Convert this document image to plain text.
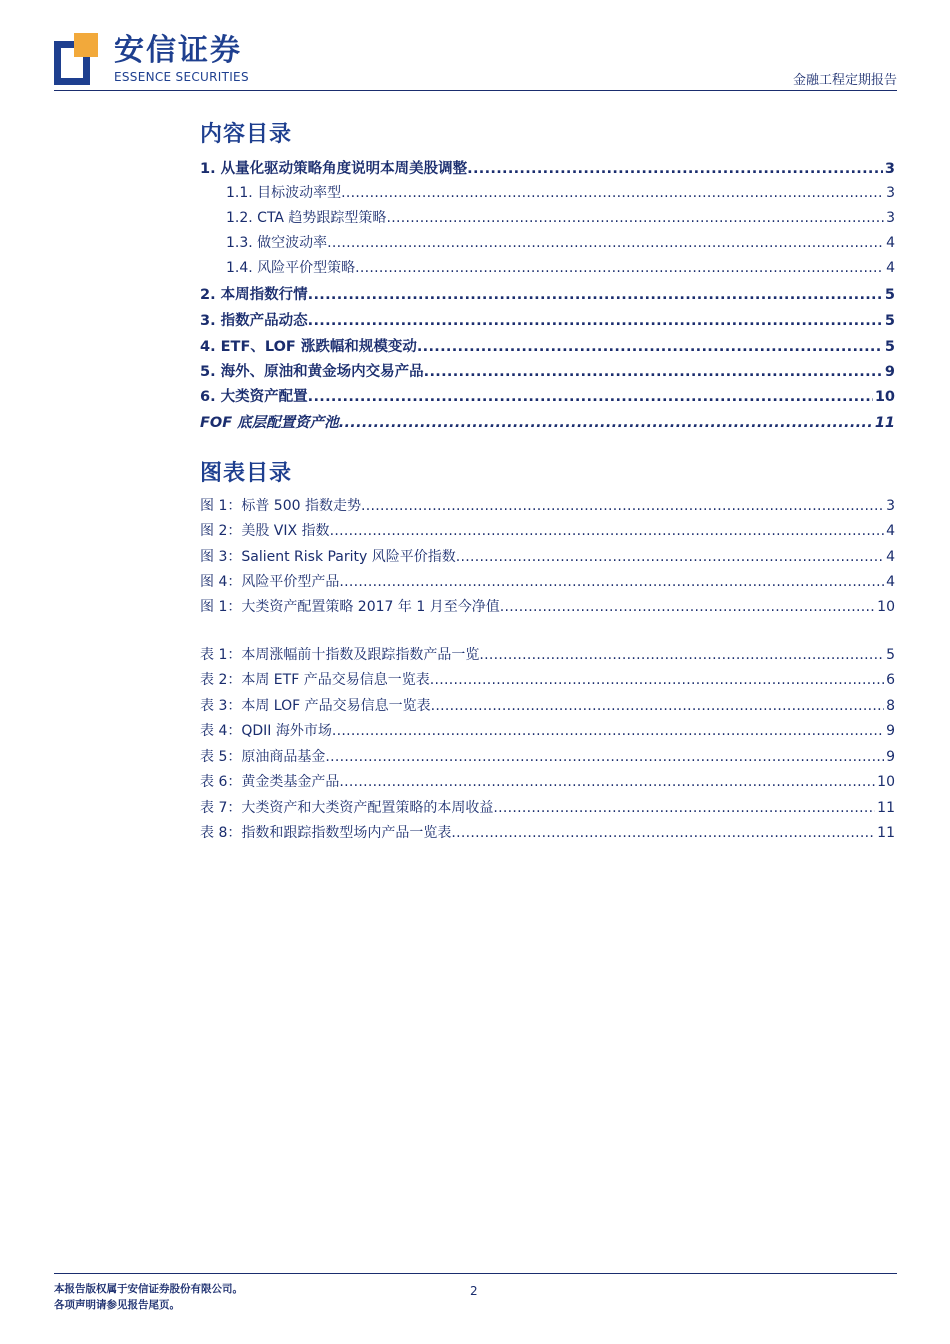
安信证券
ESSENCE SECURITIES	金融工程定期报告
内容目录
1. 从量化驱动策略角度说明本周美股调整 .....	3
1.1. 目标波动率型 .....	3
1.2. CTA 趋势跟踪型策略 .....	3
1.3. 做空波动率 .....	4
1.4. 风险平价型策略 .....	4
2. 本周指数行情 .....	5
3. 指数产品动态 .....	5
4. ETF、LOF 涨跌幅和规模变动 .....	5
5. 海外、原油和黄金场内交易产品 .....	9
6. 大类资产配置 .....	10
FOF 底层配置资产池 .....	11
图表目录
图 1：标普 500 指数走势 .....	3
图 2：美股 VIX 指数 .....	4
图 3：Salient Risk Parity 风险平价指数 .....	4
图 4：风险平价型产品 .....	4
图 1：大类资产配置策略 2017 年 1 月至今净值 .....	10
表 1：本周涨幅前十指数及跟踪指数产品一览 .....	5
表 2：本周 ETF 产品交易信息一览表 .....	6
表 3：本周 LOF 产品交易信息一览表 .....	8
表 4：QDII 海外市场 .....	9
表 5：原油商品基金 .....	9
表 6：黄金类基金产品 .....	10
表 7：大类资产和大类资产配置策略的本周收益 .....	11
表 8：指数和跟踪指数型场内产品一览表 .....	11
本报告版权属于安信证券股份有限公司。
各项声明请参见报告尾页。
2
